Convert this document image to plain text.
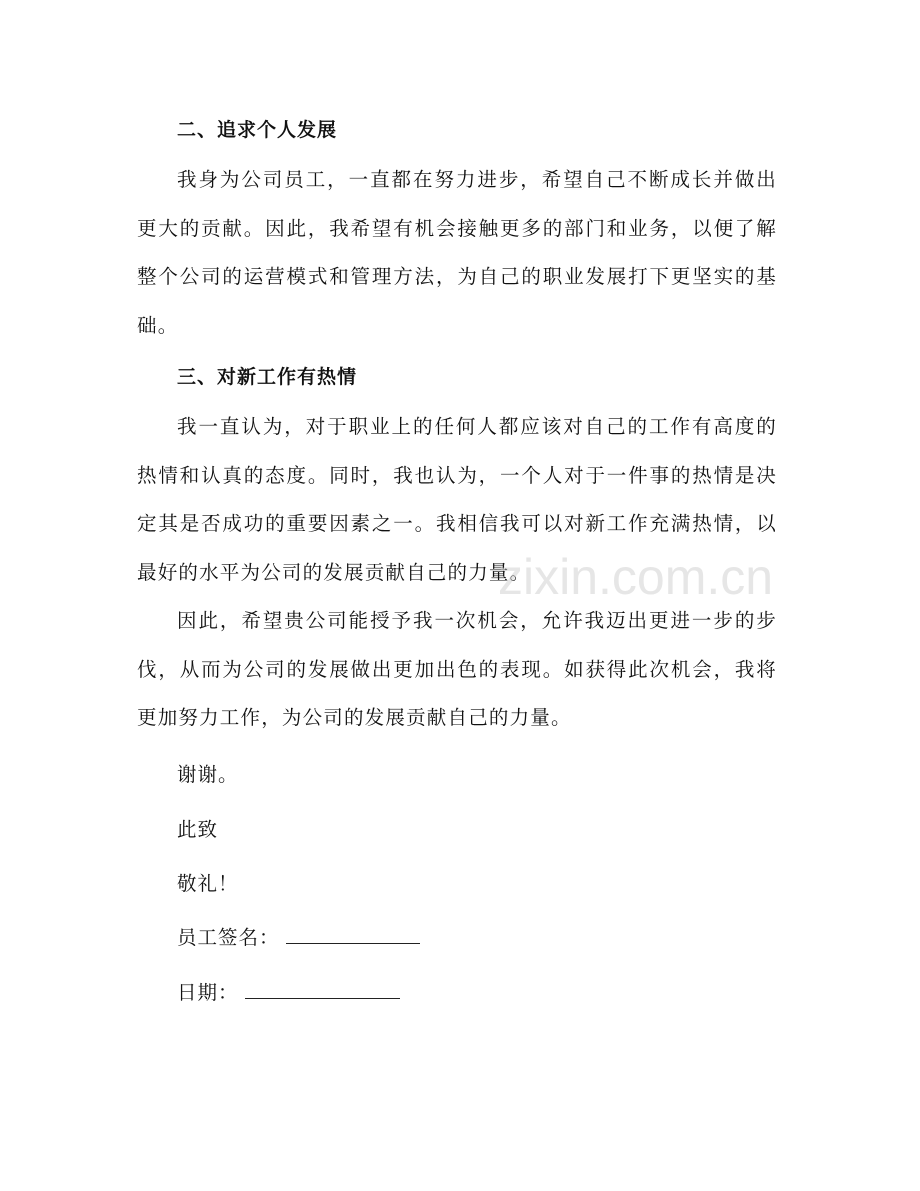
二、追求个人发展

我身为公司员工，一直都在努力进步，希望自己不断成长并做出更大的贡献。因此，我希望有机会接触更多的部门和业务，以便了解整个公司的运营模式和管理方法，为自己的职业发展打下更坚实的基础。

三、对新工作有热情

我一直认为，对于职业上的任何人都应该对自己的工作有高度的热情和认真的态度。同时，我也认为，一个人对于一件事的热情是决定其是否成功的重要因素之一。我相信我可以对新工作充满热情，以最好的水平为公司的发展贡献自己的力量。

因此，希望贵公司能授予我一次机会，允许我迈出更进一步的步伐，从而为公司的发展做出更加出色的表现。如获得此次机会，我将更加努力工作，为公司的发展贡献自己的力量。

谢谢。
此致
敬礼！
员工签名：
日期：
zixin.com.cn
